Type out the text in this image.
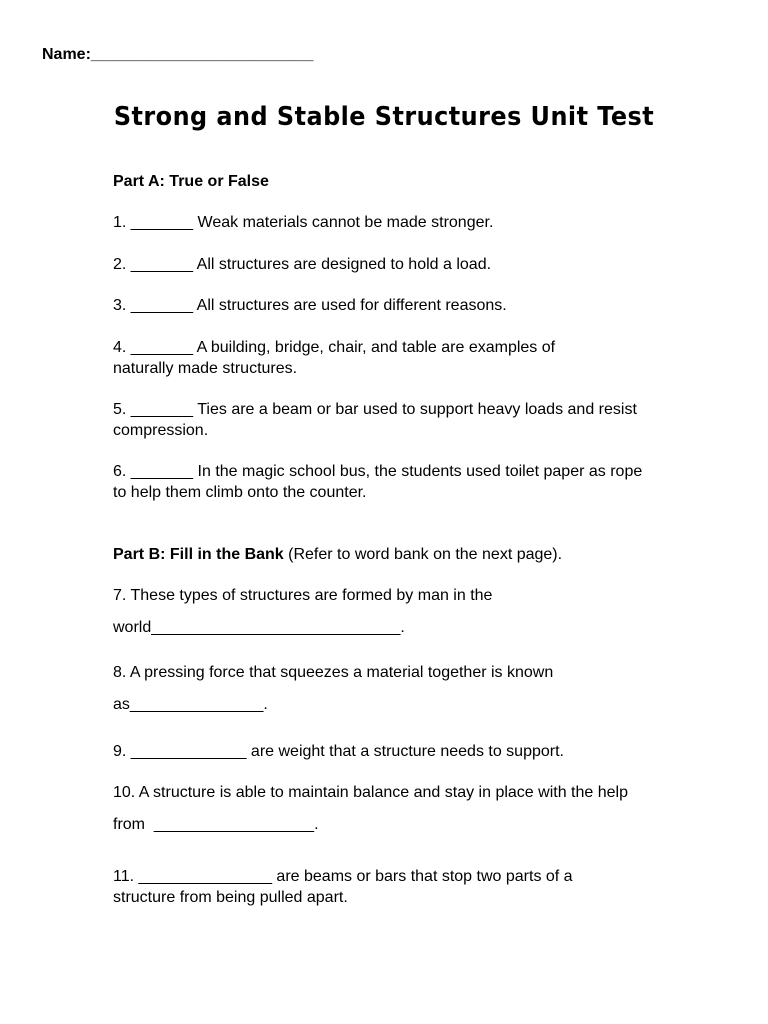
Name:_________________________
Strong and Stable Structures Unit Test

Part A: True or False

1. _______ Weak materials cannot be made stronger.

2. _______ All structures are designed to hold a load.

3. _______ All structures are used for different reasons.

4. _______ A building, bridge, chair, and table are examples of naturally made structures.

5. _______ Ties are a beam or bar used to support heavy loads and resist compression.

6. _______ In the magic school bus, the students used toilet paper as rope to help them climb onto the counter.

Part B: Fill in the Bank (Refer to word bank on the next page).

7. These types of structures are formed by man in the world____________________________.

8. A pressing force that squeezes a material together is known as_______________.

9. _____________ are weight that a structure needs to support.

10. A structure is able to maintain balance and stay in place with the help from  __________________.

11. _______________ are beams or bars that stop two parts of a structure from being pulled apart.
